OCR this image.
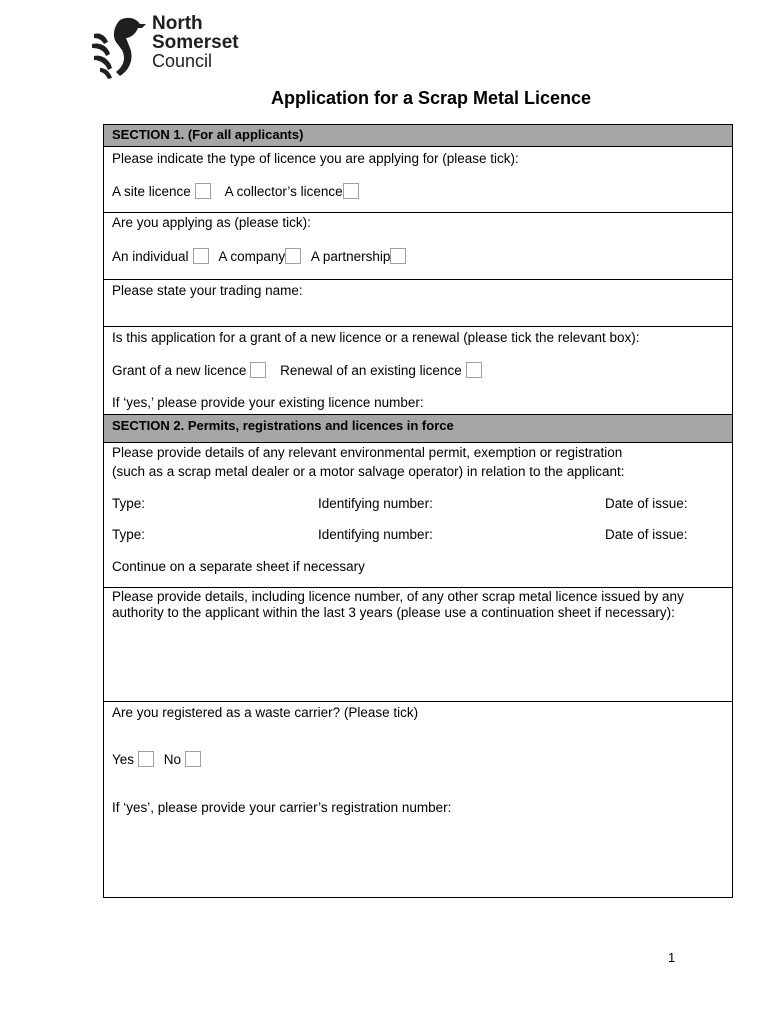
North
Somerset
Council
Application for a Scrap Metal Licence
SECTION 1. (For all applicants)
Please indicate the type of licence you are applying for (please tick):
A site licence	A collector’s licence
Are you applying as (please tick):
An individual A company A partnership
Please state your trading name:
Is this application for a grant of a new licence or a renewal (please tick the relevant box):
Grant of a new licence	Renewal of an existing licence
If ‘yes,’ please provide your existing licence number:
SECTION 2. Permits, registrations and licences in force
Please provide details of any relevant environmental permit, exemption or registration
(such as a scrap metal dealer or a motor salvage operator) in relation to the applicant:
Type:	Identifying number:	Date of issue:
Type:	Identifying number:	Date of issue:
Continue on a separate sheet if necessary
Please provide details, including licence number, of any other scrap metal licence issued by any authority to the applicant within the last 3 years (please use a continuation sheet if necessary):
Are you registered as a waste carrier? (Please tick)
Yes No
If ‘yes’, please provide your carrier’s registration number:
1
